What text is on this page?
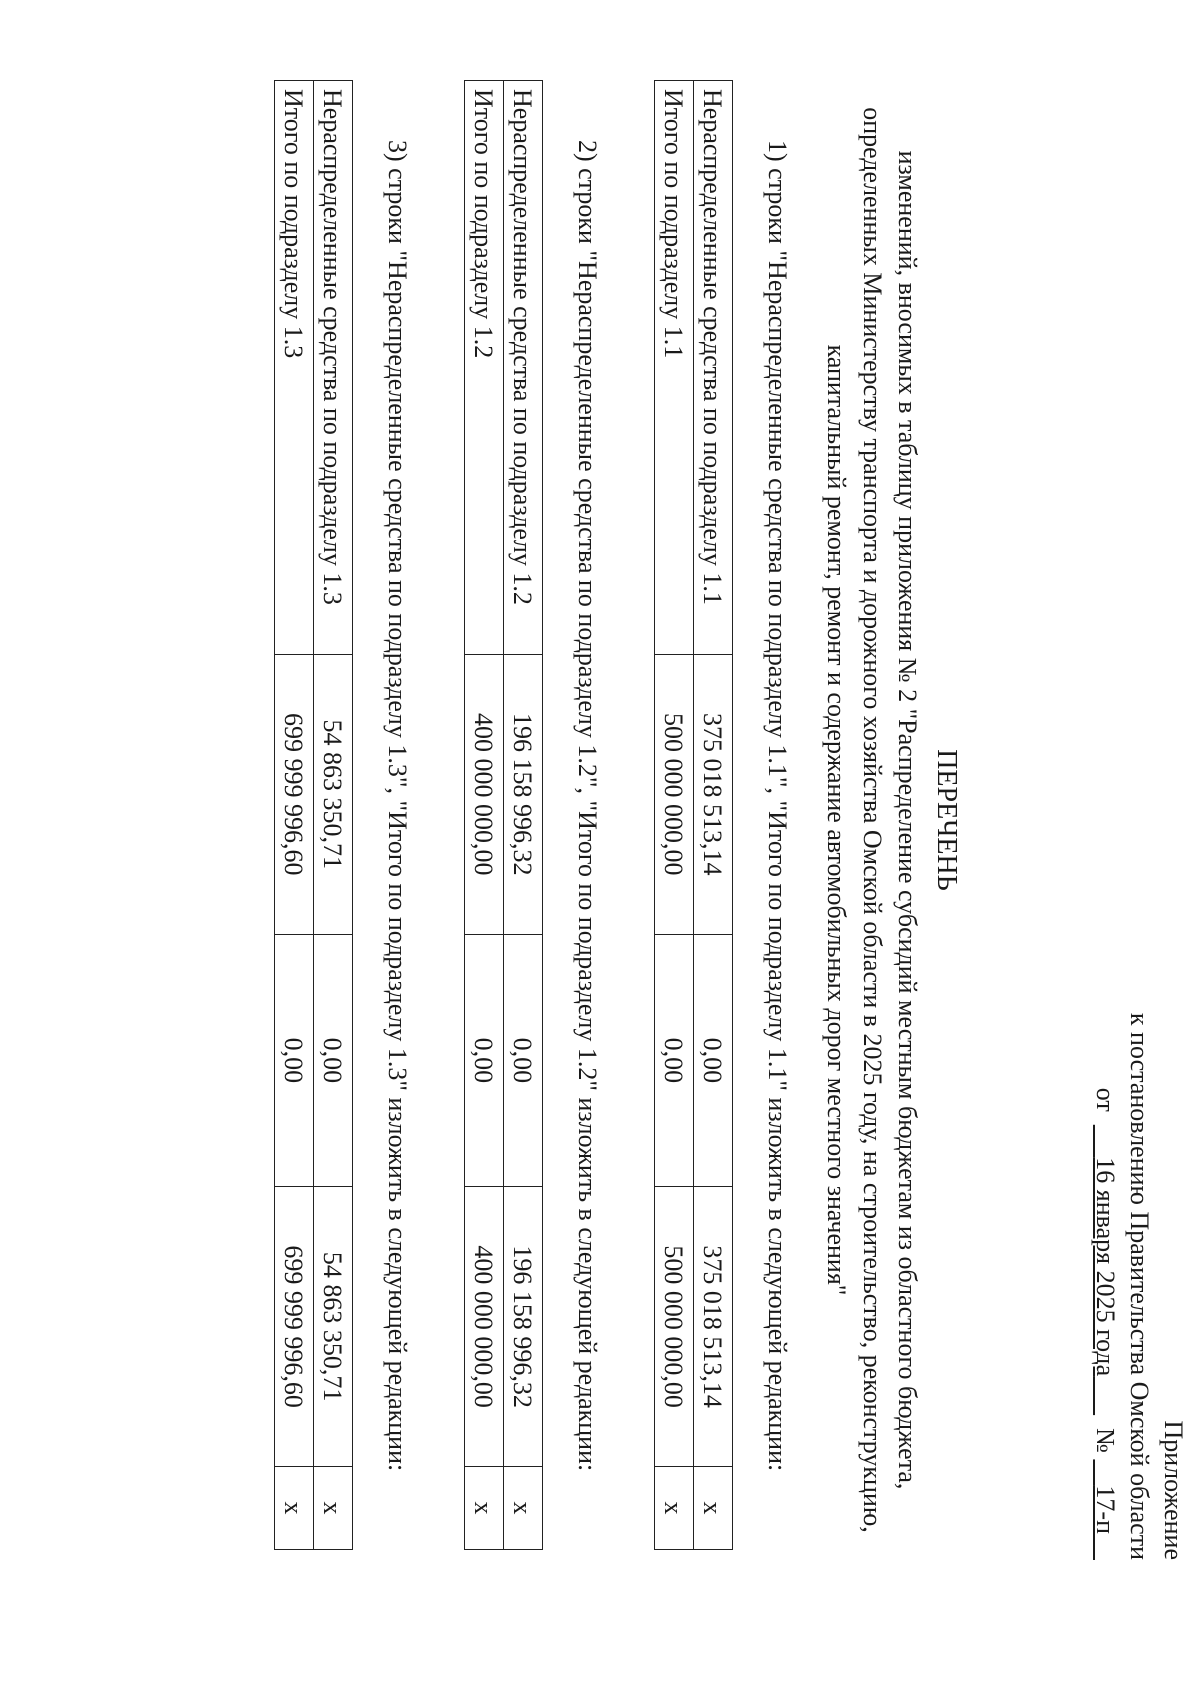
Приложение
к постановлению Правительства Омской области
от       16 января 2025 года        №     17-п
ПЕРЕЧЕНЬ
изменений, вносимых в таблицу приложения № 2 "Распределение субсидий местным бюджетам из областного бюджета, определенных Министерству транспорта и дорожного хозяйства Омской области в 2025 году, на строительство, реконструкцию, капитальный ремонт, ремонт и содержание автомобильных дорог местного значения"

1) строки "Нераспределенные средства по подразделу 1.1", "Итого по подразделу 1.1" изложить в следующей редакции:

Нераспределенные средства по подразделу 1.1	375 018 513,14	0,00	375 018 513,14	х
Итого по подразделу 1.1	500 000 000,00	0,00	500 000 000,00	х

2) строки "Нераспределенные средства по подразделу 1.2", "Итого по подразделу 1.2" изложить в следующей редакции:

Нераспределенные средства по подразделу 1.2	196 158 996,32	0,00	196 158 996,32	х
Итого по подразделу 1.2	400 000 000,00	0,00	400 000 000,00	х

3) строки "Нераспределенные средства по подразделу 1.3", "Итого по подразделу 1.3" изложить в следующей редакции:

Нераспределенные средства по подразделу 1.3	54 863 350,71	0,00	54 863 350,71	х
Итого по подразделу 1.3	699 999 996,60	0,00	699 999 996,60	х
